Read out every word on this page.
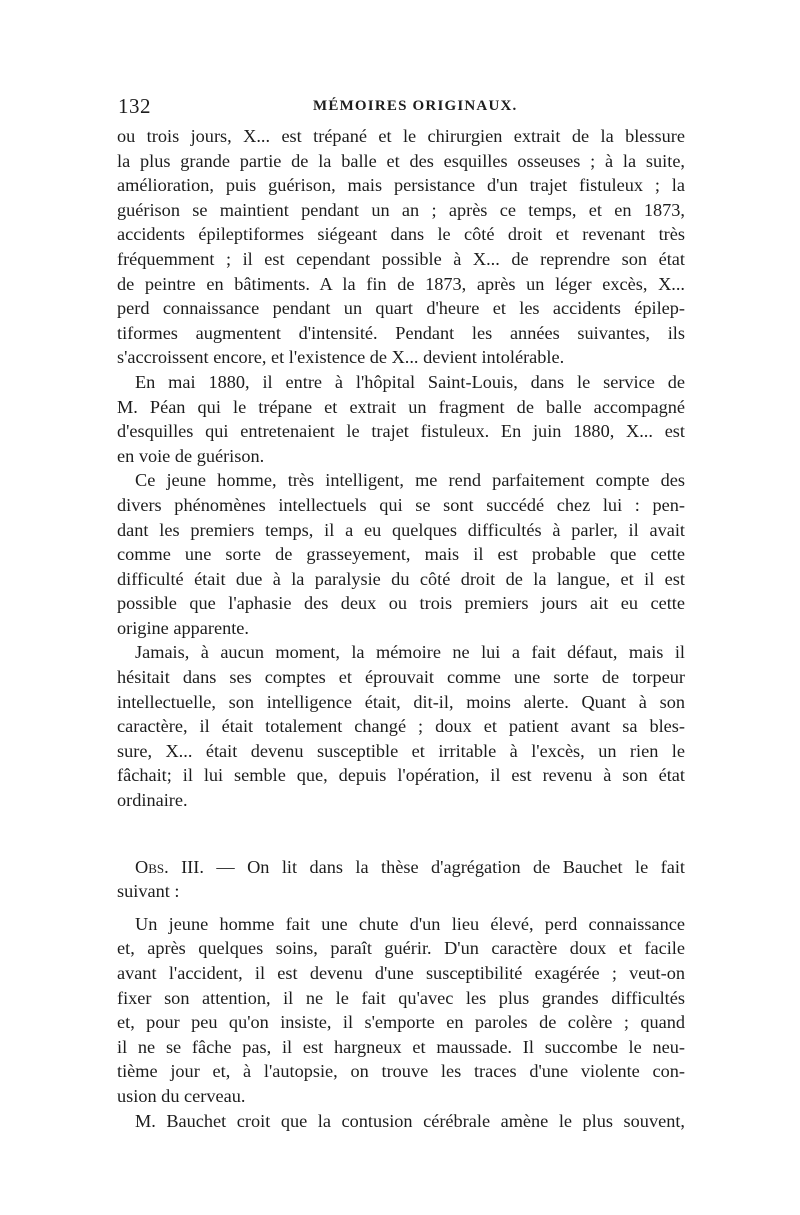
132	MÉMOIRES ORIGINAUX.

ou trois jours, X... est trépané et le chirurgien extrait de la blessure
la plus grande partie de la balle et des esquilles osseuses ; à la suite,
amélioration, puis guérison, mais persistance d'un trajet fistuleux ; la
guérison se maintient pendant un an ; après ce temps, et en 1873,
accidents épileptiformes siégeant dans le côté droit et revenant très
fréquemment ; il est cependant possible à X... de reprendre son état
de peintre en bâtiments. A la fin de 1873, après un léger excès, X...
perd connaissance pendant un quart d'heure et les accidents épilep-
tiformes augmentent d'intensité. Pendant les années suivantes, ils
s'accroissent encore, et l'existence de X... devient intolérable.

En mai 1880, il entre à l'hôpital Saint-Louis, dans le service de
M. Péan qui le trépane et extrait un fragment de balle accompagné
d'esquilles qui entretenaient le trajet fistuleux. En juin 1880, X... est
en voie de guérison.

Ce jeune homme, très intelligent, me rend parfaitement compte des
divers phénomènes intellectuels qui se sont succédé chez lui : pen-
dant les premiers temps, il a eu quelques difficultés à parler, il avait
comme une sorte de grasseyement, mais il est probable que cette
difficulté était due à la paralysie du côté droit de la langue, et il est
possible que l'aphasie des deux ou trois premiers jours ait eu cette
origine apparente.

Jamais, à aucun moment, la mémoire ne lui a fait défaut, mais il
hésitait dans ses comptes et éprouvait comme une sorte de torpeur
intellectuelle, son intelligence était, dit-il, moins alerte. Quant à son
caractère, il était totalement changé ; doux et patient avant sa bles-
sure, X... était devenu susceptible et irritable à l'excès, un rien le
fâchait; il lui semble que, depuis l'opération, il est revenu à son état
ordinaire.

Obs. III. — On lit dans la thèse d'agrégation de Bauchet le fait
suivant :

Un jeune homme fait une chute d'un lieu élevé, perd connaissance
et, après quelques soins, paraît guérir. D'un caractère doux et facile
avant l'accident, il est devenu d'une susceptibilité exagérée ; veut-on
fixer son attention, il ne le fait qu'avec les plus grandes difficultés
et, pour peu qu'on insiste, il s'emporte en paroles de colère ; quand
il ne se fâche pas, il est hargneux et maussade. Il succombe le neu-
tième jour et, à l'autopsie, on trouve les traces d'une violente con-
usion du cerveau.

M. Bauchet croit que la contusion cérébrale amène le plus souvent,
